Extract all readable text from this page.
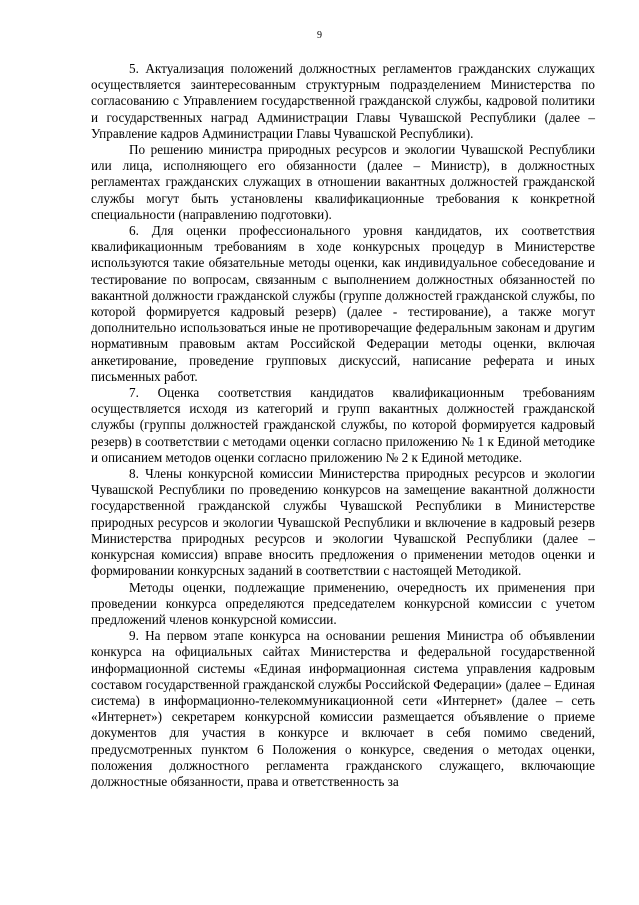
9

5. Актуализация положений должностных регламентов гражданских служащих осуществляется заинтересованным структурным подразделением Министерства по согласованию с Управлением государственной гражданской службы, кадровой политики и государственных наград Администрации Главы Чувашской Республики (далее – Управление кадров Администрации Главы Чувашской Республики).

По решению министра природных ресурсов и экологии Чувашской Республики или лица, исполняющего его обязанности (далее – Министр), в должностных регламентах гражданских служащих в отношении вакантных должностей гражданской службы могут быть установлены квалификационные требования к конкретной специальности (направлению подготовки).

6. Для оценки профессионального уровня кандидатов, их соответствия квалификационным требованиям в ходе конкурсных процедур в Министерстве используются такие обязательные методы оценки, как индивидуальное собеседование и тестирование по вопросам, связанным с выполнением должностных обязанностей по вакантной должности гражданской службы (группе должностей гражданской службы, по которой формируется кадровый резерв) (далее - тестирование), а также могут дополнительно использоваться иные не противоречащие федеральным законам и другим нормативным правовым актам Российской Федерации методы оценки, включая анкетирование, проведение групповых дискуссий, написание реферата и иных письменных работ.

7. Оценка соответствия кандидатов квалификационным требованиям осуществляется исходя из категорий и групп вакантных должностей гражданской службы (группы должностей гражданской службы, по которой формируется кадровый резерв) в соответствии с методами оценки согласно приложению № 1 к Единой методике и описанием методов оценки согласно приложению № 2 к Единой методике.

8. Члены конкурсной комиссии Министерства природных ресурсов и экологии Чувашской Республики по проведению конкурсов на замещение вакантной должности государственной гражданской службы Чувашской Республики в Министерстве природных ресурсов и экологии Чувашской Республики и включение в кадровый резерв Министерства природных ресурсов и экологии Чувашской Республики (далее – конкурсная комиссия) вправе вносить предложения о применении методов оценки и формировании конкурсных заданий в соответствии с настоящей Методикой.

Методы оценки, подлежащие применению, очередность их применения при проведении конкурса определяются председателем конкурсной комиссии с учетом предложений членов конкурсной комиссии.

9. На первом этапе конкурса на основании решения Министра об объявлении конкурса на официальных сайтах Министерства и федеральной государственной информационной системы «Единая информационная система управления кадровым составом государственной гражданской службы Российской Федерации» (далее – Единая система) в информационно-телекоммуникационной сети «Интернет» (далее – сеть «Интернет») секретарем конкурсной комиссии размещается объявление о приеме документов для участия в конкурсе и включает в себя помимо сведений, предусмотренных пунктом 6 Положения о конкурсе, сведения о методах оценки, положения должностного регламента гражданского служащего, включающие должностные обязанности, права и ответственность за
